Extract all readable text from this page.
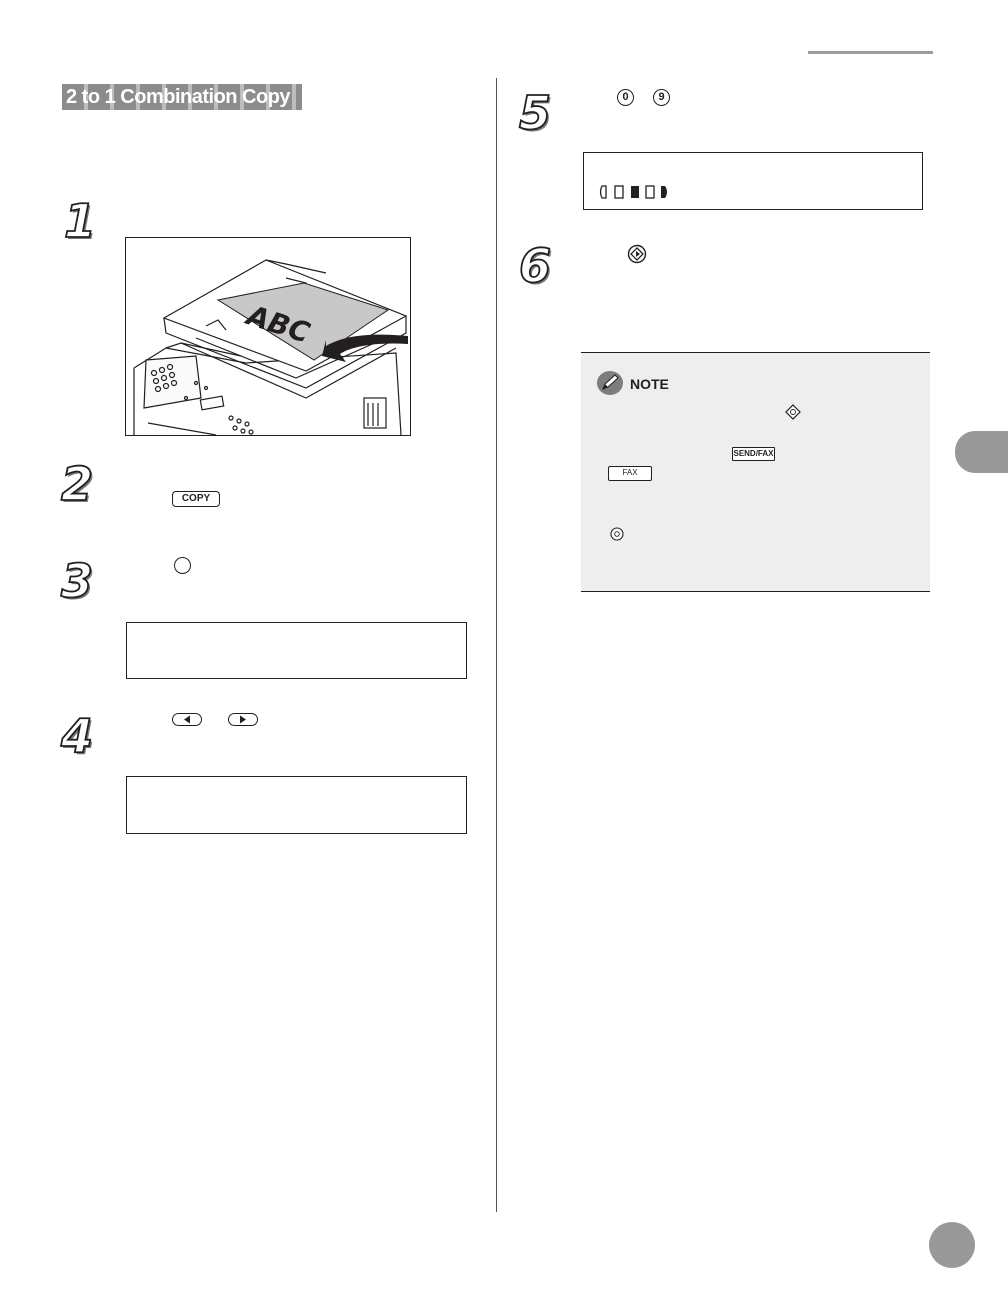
2 to 1 Combination Copy
1
ABC
2	COPY
3
4
5	0	9
6
NOTE
SEND/FAX
FAX
